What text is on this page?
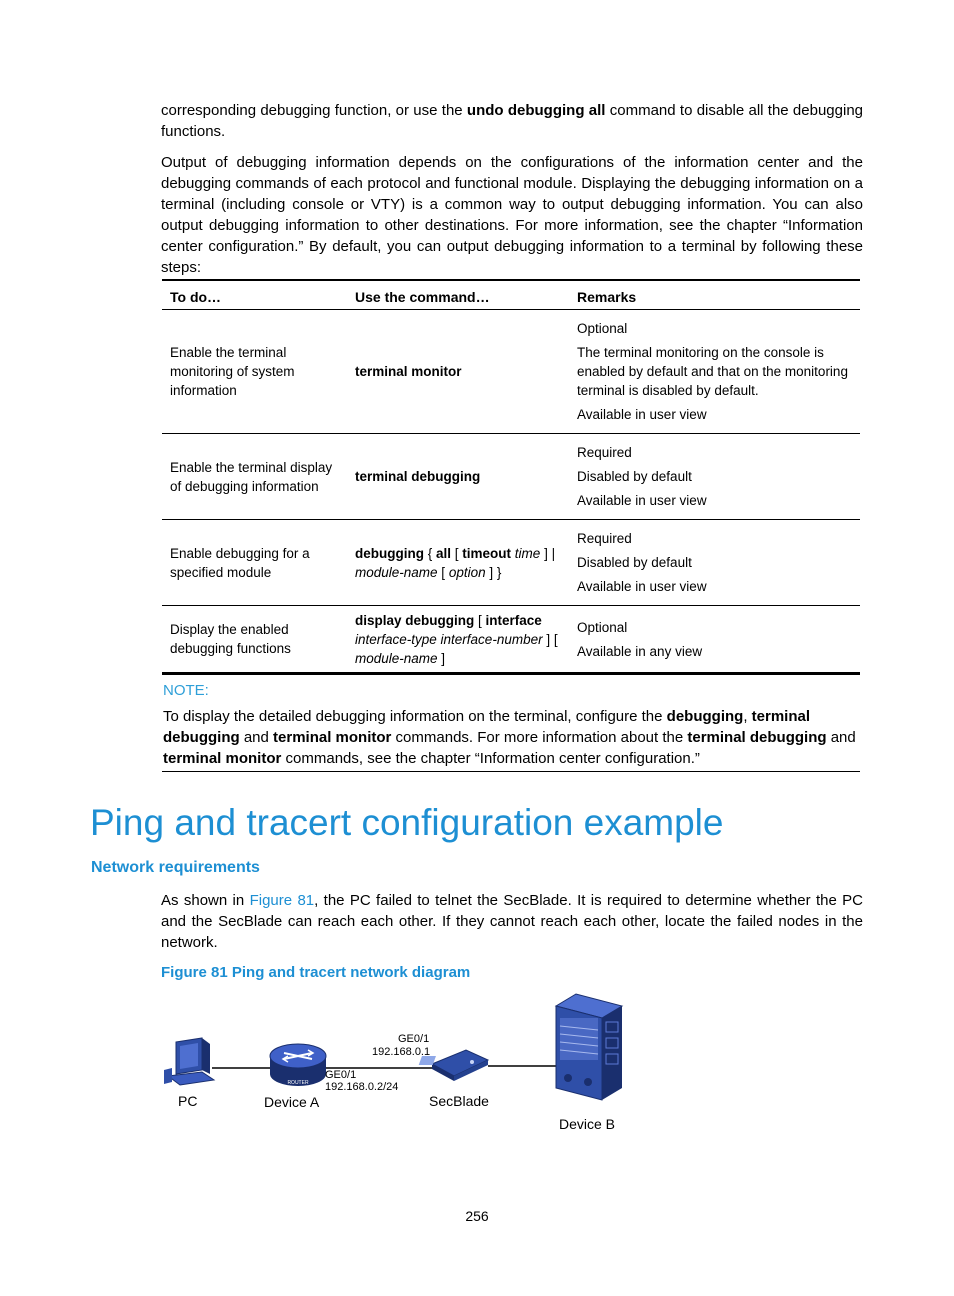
corresponding debugging function, or use the undo debugging all command to disable all the debugging functions.

Output of debugging information depends on the configurations of the information center and the debugging commands of each protocol and functional module. Displaying the debugging information on a terminal (including console or VTY) is a common way to output debugging information. You can also output debugging information to other destinations. For more information, see the chapter “Information center configuration.” By default, you can output debugging information to a terminal by following these steps:

To do…	Use the command…	Remarks
Enable the terminal monitoring of system information	terminal monitor	Optional
The terminal monitoring on the console is enabled by default and that on the monitoring terminal is disabled by default.
Available in user view

Enable the terminal display of debugging information	terminal debugging	Required
Disabled by default
Available in user view

Enable debugging for a specified module	debugging { all [ timeout time ] | module-name [ option ] }	Required
Disabled by default
Available in user view

Display the enabled debugging functions	display debugging [ interface interface-type interface-number ] [ module-name ]	Optional
Available in any view
NOTE:

To display the detailed debugging information on the terminal, configure the debugging, terminal debugging and terminal monitor commands. For more information about the terminal debugging and terminal monitor commands, see the chapter “Information center configuration.”

Ping and tracert configuration example
Network requirements

As shown in Figure 81, the PC failed to telnet the SecBlade. It is required to determine whether the PC and the SecBlade can reach each other. If they cannot reach each other, locate the failed nodes in the network.

Figure 81 Ping and tracert network diagram

ROUTER
PC	Device A	SecBlade
Device B
GE0/1
192.168.0.1
GE0/1
192.168.0.2/24
256
